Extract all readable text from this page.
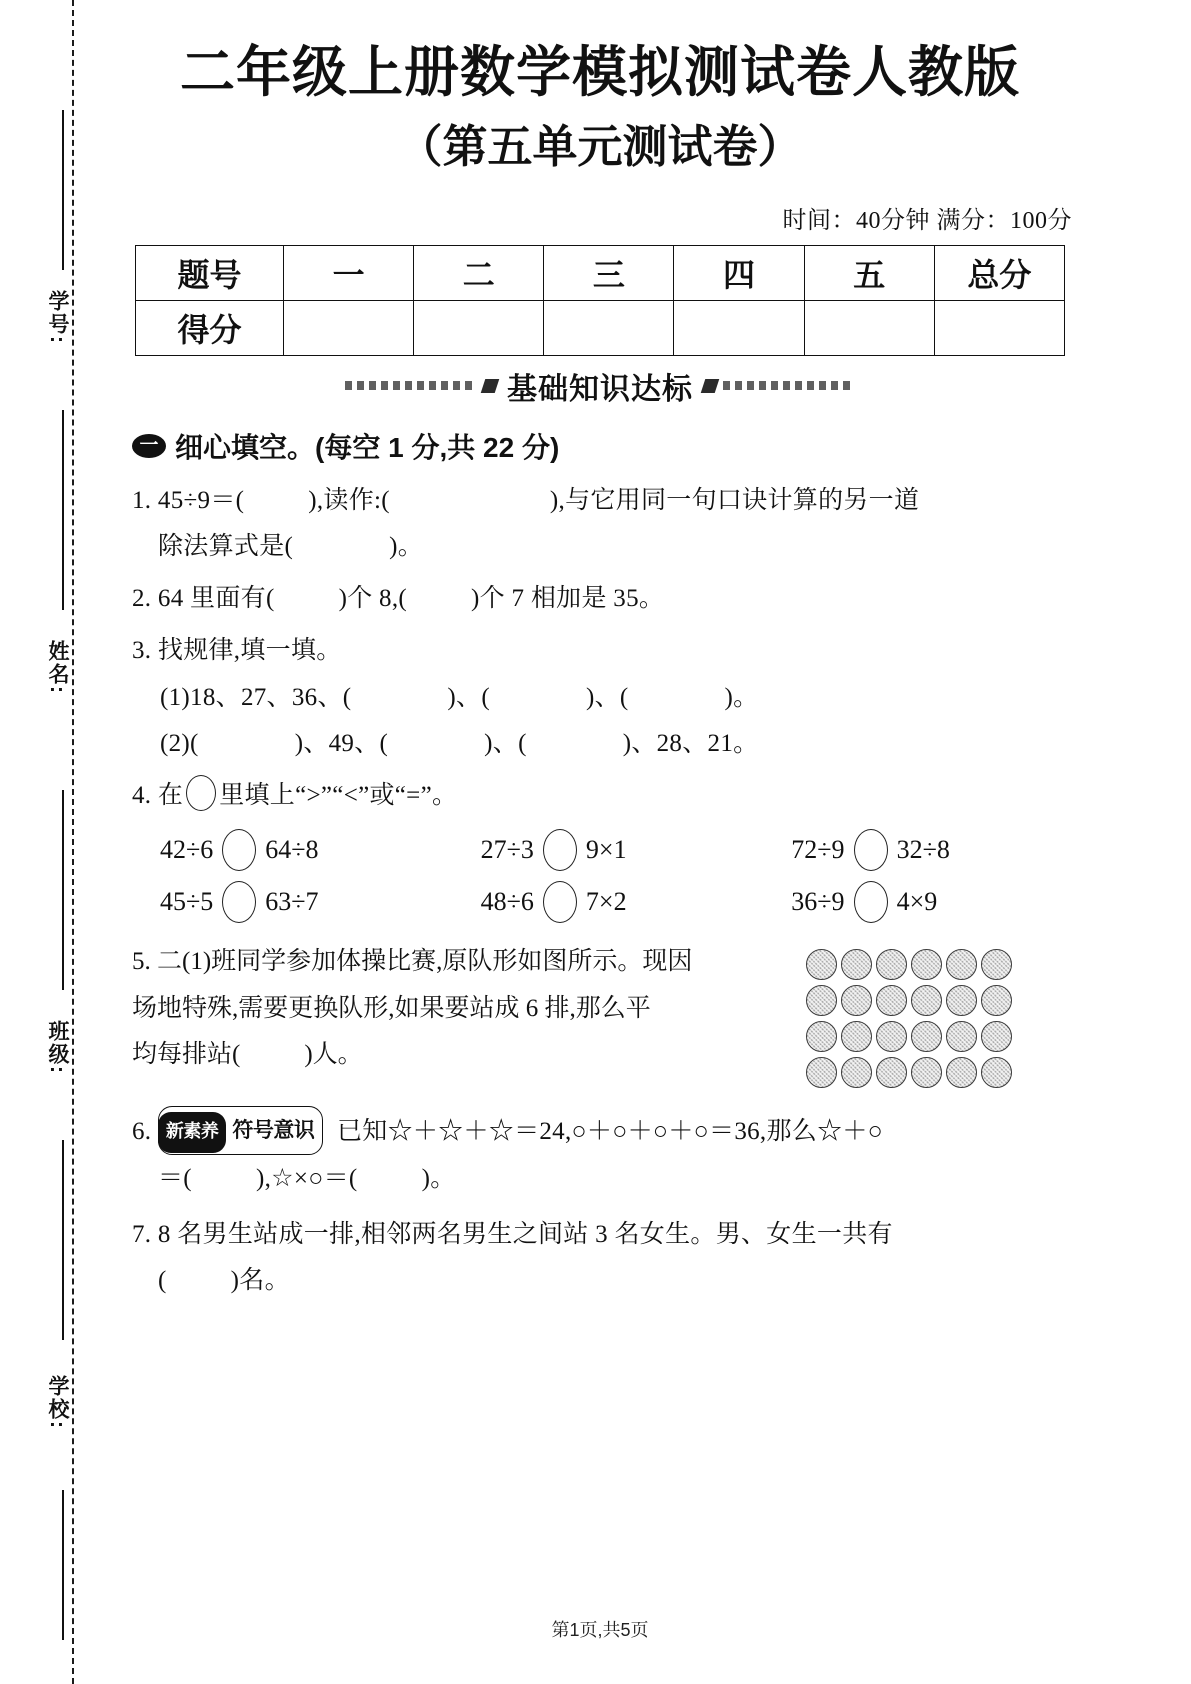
学号:
姓名:
班级:
学校:
二年级上册数学模拟测试卷人教版
（第五单元测试卷）
时间：40分钟 满分：100分
题号	一	二	三	四	五	总分
得分						
基础知识达标
一 细心填空。(每空 1 分,共 22 分)
1. 45÷9＝(	),读作:(	),与它用同一句口诀计算的另一道
除法算式是(	)。
2. 64 里面有(	)个 8,(	)个 7 相加是 35。
3. 找规律,填一填。
(1)18、27、36、(	)、(	)、(	)。
(2)(	)、49、(	)、(	)、28、21。
4. 在 里填上“>”“<”或“=”。
42÷6 64÷8	27÷3 9×1	72÷9 32÷8
45÷5 63÷7	48÷6 7×2	36÷9 4×9
5. 二(1)班同学参加体操比赛,原队形如图所示。现因
场地特殊,需要更换队形,如果要站成 6 排,那么平
均每排站(	)人。
6. 新素养 符号意识 已知☆＋☆＋☆＝24,○＋○＋○＋○＝36,那么☆＋○
＝(	),☆×○＝(	)。
7. 8 名男生站成一排,相邻两名男生之间站 3 名女生。男、女生一共有
(	)名。
第1页,共5页
